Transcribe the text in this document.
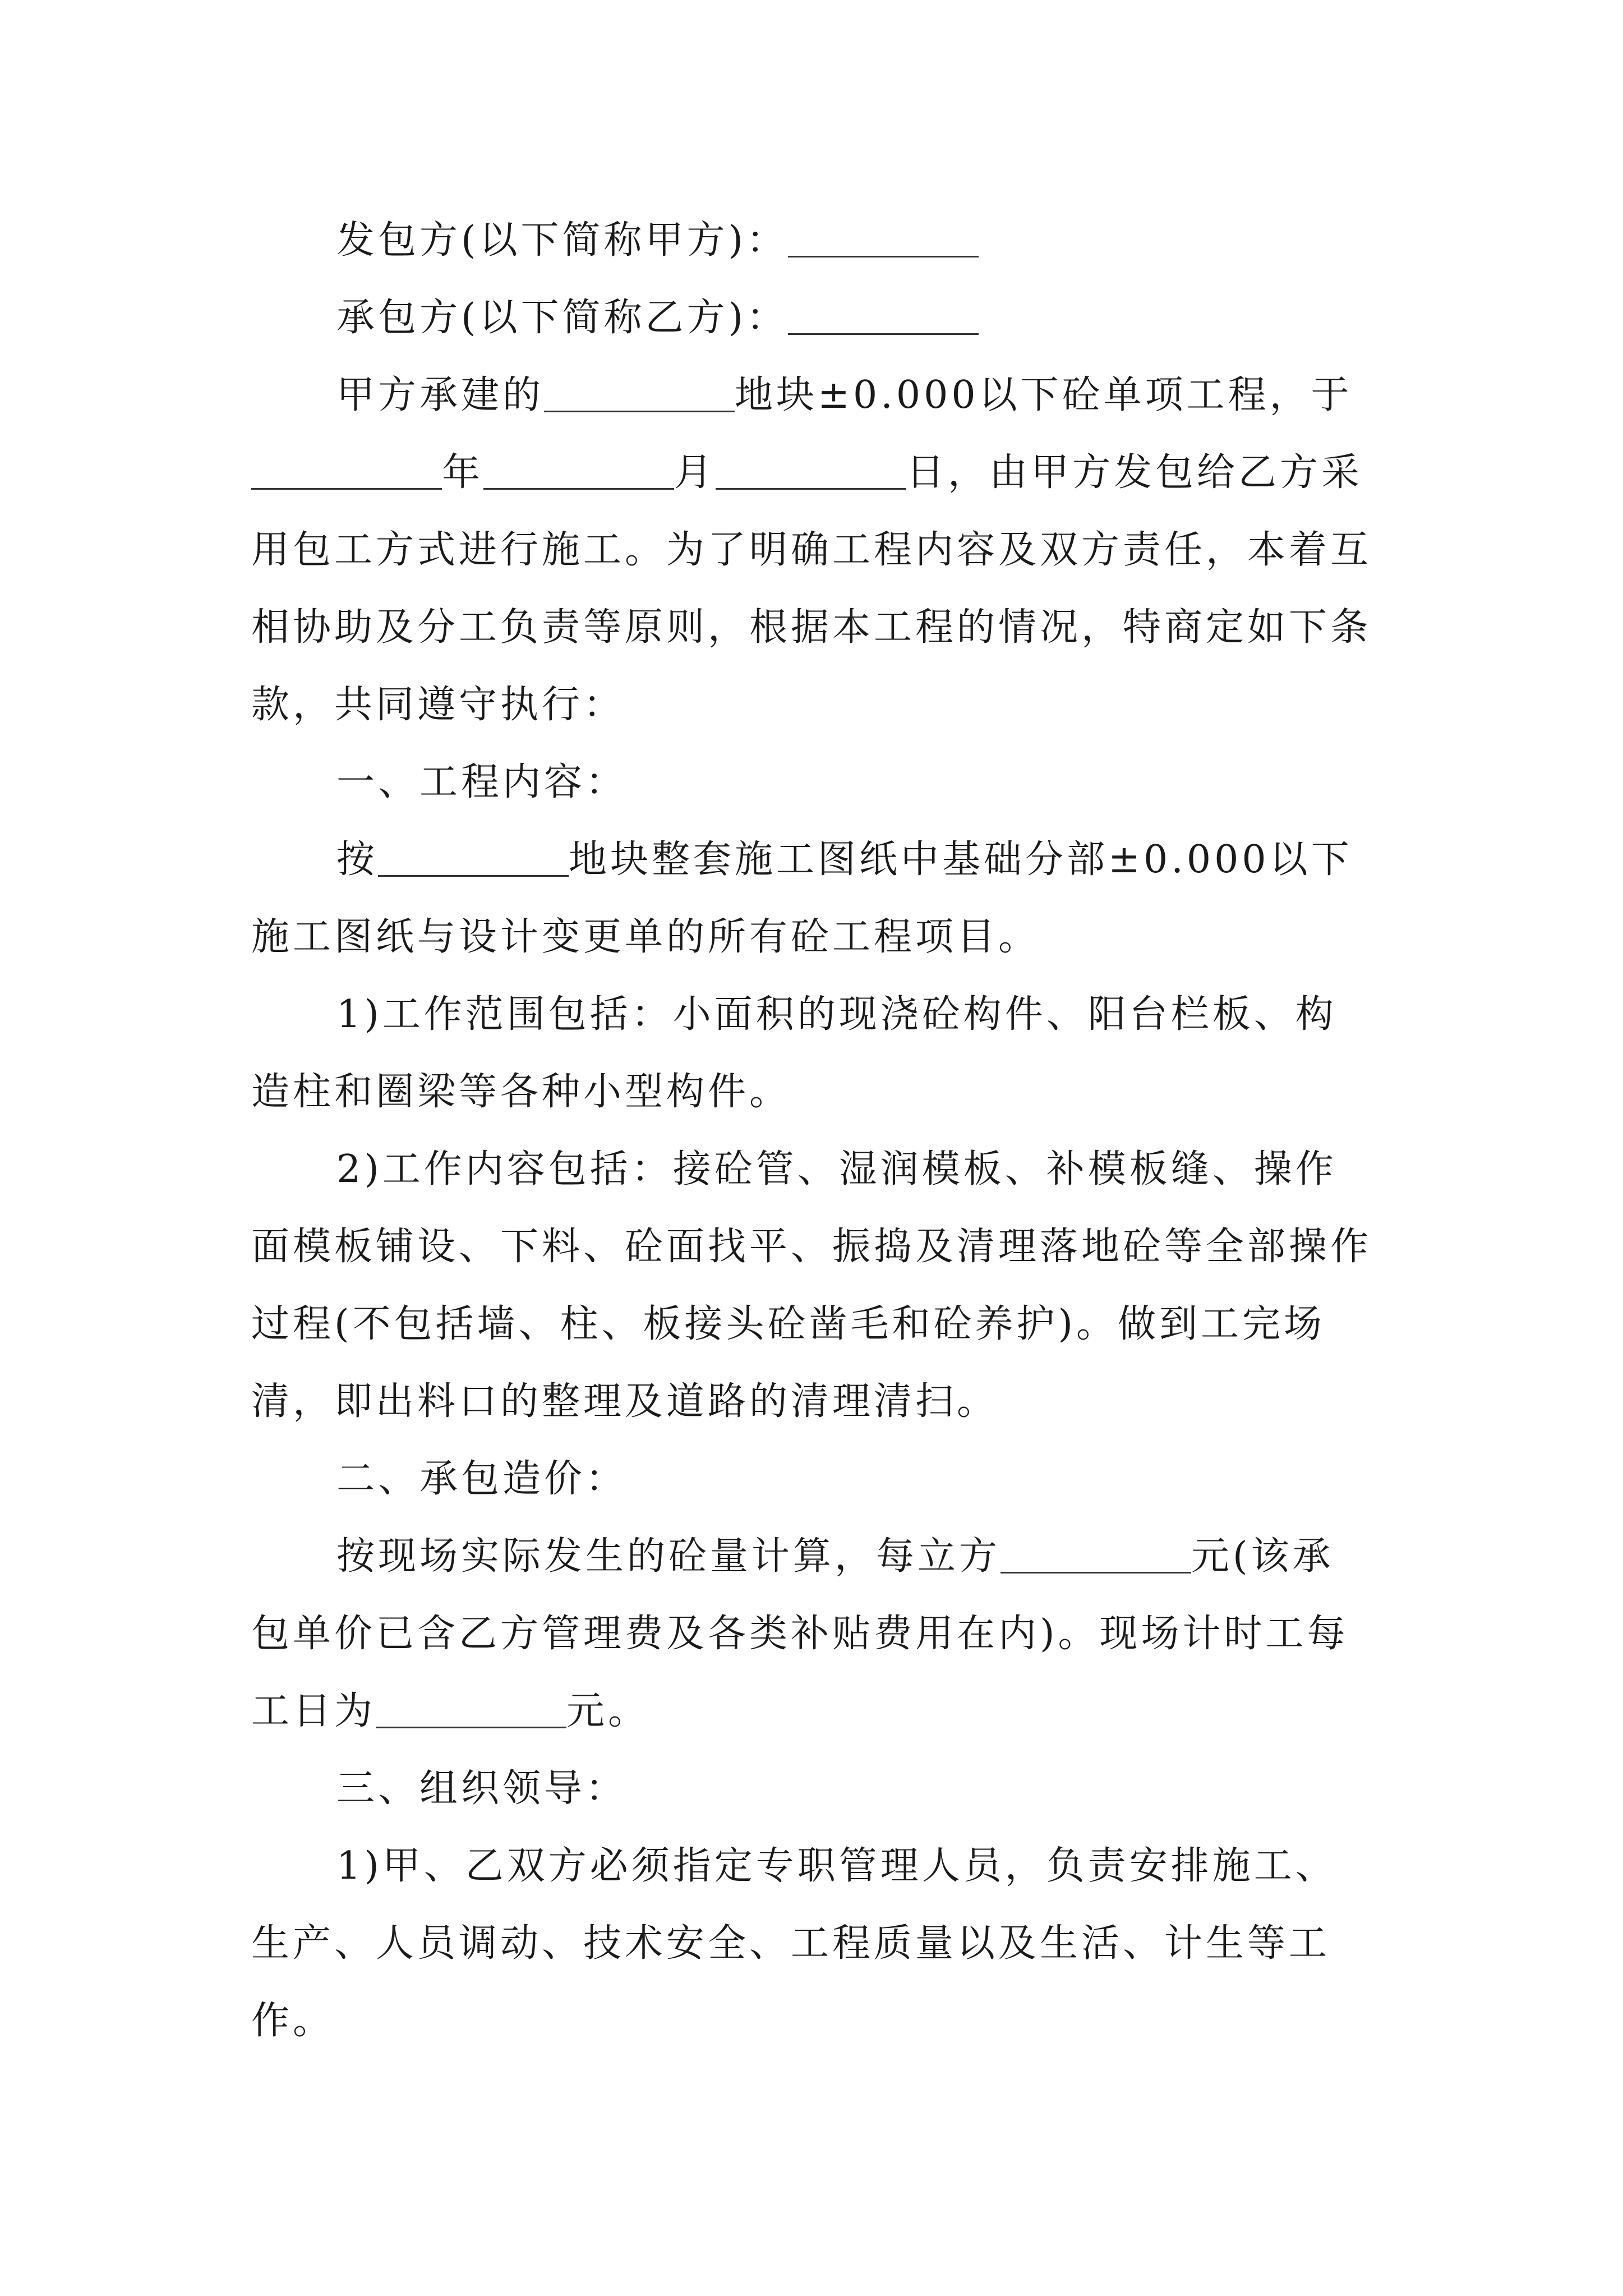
发包方(以下简称甲方)：

承包方(以下简称乙方)：

甲方承建的	地块±0.000以下砼单项工程，于年	月	日，由甲方发包给乙方采用包工方式进行施工。为了明确工程内容及双方责任，本着互相协助及分工负责等原则，根据本工程的情况，特商定如下条款，共同遵守执行：

一、工程内容：

按	地块整套施工图纸中基础分部±0.000以下施工图纸与设计变更单的所有砼工程项目。

1)工作范围包括：小面积的现浇砼构件、阳台栏板、构造柱和圈梁等各种小型构件。

2)工作内容包括：接砼管、湿润模板、补模板缝、操作面模板铺设、下料、砼面找平、振捣及清理落地砼等全部操作过程(不包括墙、柱、板接头砼凿毛和砼养护)。做到工完场清，即出料口的整理及道路的清理清扫。

二、承包造价：

按现场实际发生的砼量计算，每立方	元(该承包单价已含乙方管理费及各类补贴费用在内)。现场计时工每工日为	元。

三、组织领导：

1)甲、乙双方必须指定专职管理人员，负责安排施工、生产、人员调动、技术安全、工程质量以及生活、计生等工作。
